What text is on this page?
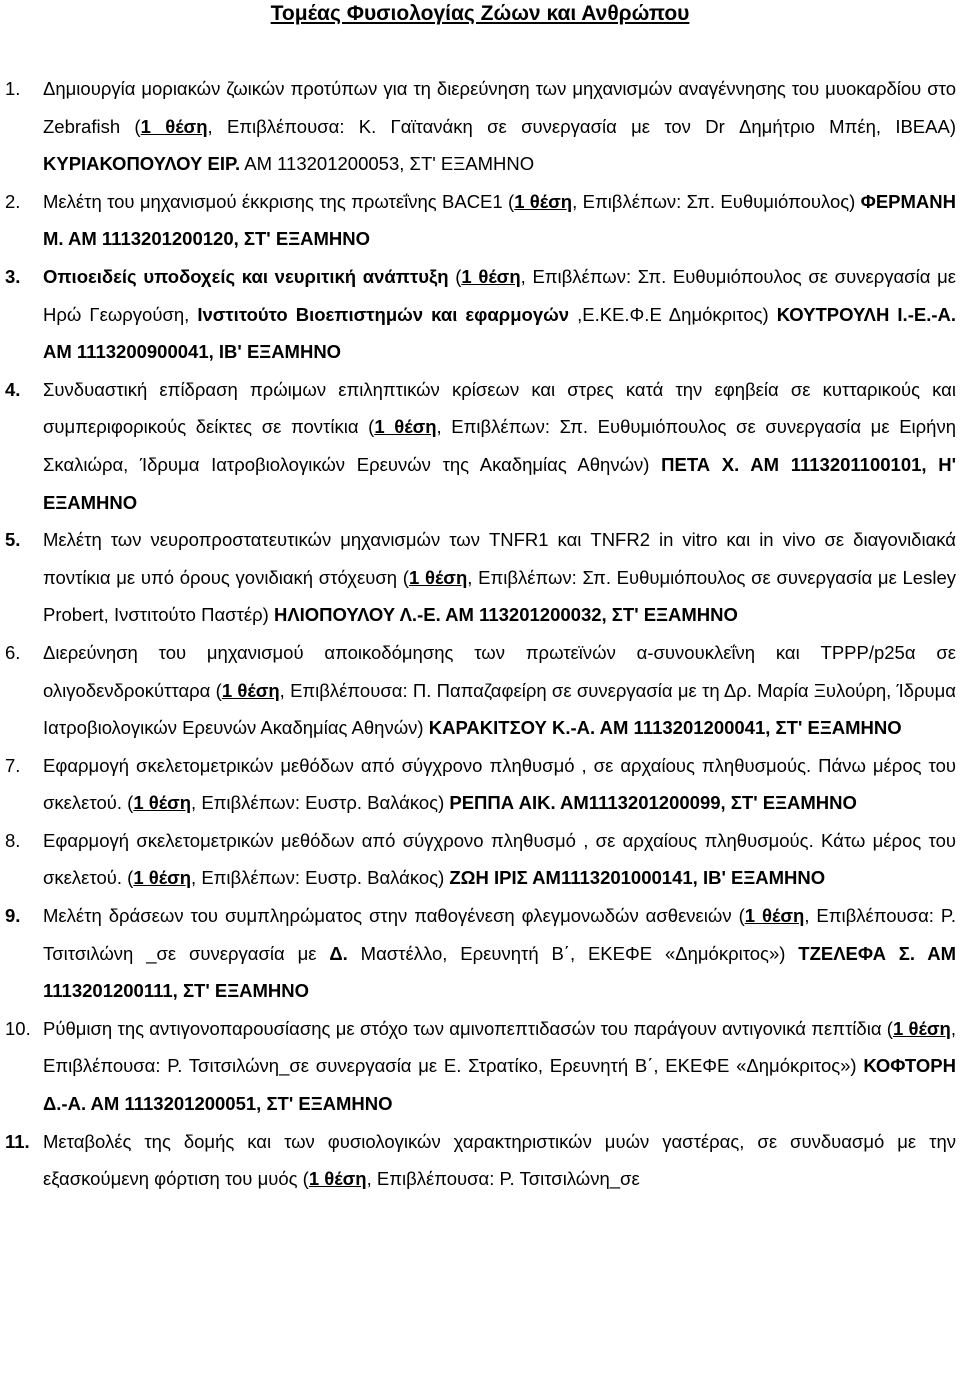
Τομέας Φυσιολογίας Ζώων και Ανθρώπου
1.	Δημιουργία μοριακών ζωικών προτύπων για τη διερεύνηση των μηχανισμών αναγέννησης του μυοκαρδίου στο Zebrafish (1 θέση, Επιβλέπουσα: Κ. Γαϊτανάκη σε συνεργασία με τον Dr Δημήτριο Μπέη, ΙΒΕΑΑ) ΚΥΡΙΑΚΟΠΟΥΛΟΥ ΕΙΡ. ΑΜ 113201200053, ΣΤ' ΕΞΑΜΗΝΟ
2.	Μελέτη του μηχανισμού έκκρισης της πρωτεΐνης BACE1 (1 θέση, Επιβλέπων: Σπ. Ευθυμιόπουλος) ΦΕΡΜΑΝΗ Μ. ΑΜ 111320120012​0, ΣΤ' ΕΞΑΜΗΝΟ
3.	Οπιοειδείς υποδοχείς και νευριτική ανάπτυξη (1 θέση, Επιβλέπων: Σπ. Ευθυμιόπουλος σε συνεργασία με Ηρώ Γεωργούση, Ινστιτούτο Βιοεπιστημών και εφαρμογών ,Ε.ΚΕ.Φ.Ε Δημόκριτος) ΚΟΥΤΡΟΥΛΗ Ι.-Ε.-Α. ΑΜ 1113200900041, ΙΒ' ΕΞΑΜΗΝΟ
4.	Συνδυαστική επίδραση πρώιμων επιληπτικών κρίσεων και στρες κατά την εφηβεία σε κυτταρικούς και συμπεριφορικούς δείκτες σε ποντίκια (1 θέση, Επιβλέπων: Σπ. Ευθυμιόπουλος σε συνεργασία με Ειρήνη Σκαλιώρα, Ίδρυμα Ιατροβιολογικών Ερευνών της Ακαδημίας Αθηνών) ΠΕΤΑ Χ. ΑΜ 1113201100101, Η' ΕΞΑΜΗΝΟ
5.	Μελέτη των νευροπροστατευτικών μηχανισμών των TNFR1 και TNFR2 in vitro και in vivo σε διαγονιδιακά ποντίκια με υπό όρους γονιδιακή στόχευση (1 θέση, Επιβλέπων: Σπ. Ευθυμιόπουλος σε συνεργασία με Lesley Probert, Ινστιτούτο Παστέρ) ΗΛΙΟΠΟΥΛΟΥ Λ.-Ε. ΑΜ 113201200032, ΣΤ' ΕΞΑΜΗΝΟ
6.	Διερεύνηση του μηχανισμού αποικοδόμησης των πρωτεϊνών α-συνουκλεΐνη και TPPP/p25α σε ολιγοδενδροκύτταρα (1 θέση, Επιβλέπουσα: Π. Παπαζαφείρη σε συνεργασία με τη Δρ. Μαρία Ξυλούρη, Ίδρυμα Ιατροβιολογικών Ερευνών Ακαδημίας Αθηνών) ΚΑΡΑΚΙΤΣΟΥ Κ.-Α. ΑΜ 1113201200041, ΣΤ' ΕΞΑΜΗΝΟ
7.	Εφαρμογή σκελετομετρικών μεθόδων από σύγχρονο πληθυσμό , σε αρχαίους πληθυσμούς. Πάνω μέρος του σκελετού. (1 θέση, Επιβλέπων: Ευστρ. Βαλάκος) ΡΕΠΠΑ ΑΙΚ. ΑΜ1113201200099, ΣΤ' ΕΞΑΜΗΝΟ
8.	Εφαρμογή σκελετομετρικών μεθόδων από σύγχρονο πληθυσμό , σε αρχαίους πληθυσμούς. Κάτω μέρος του σκελετού. (1 θέση, Επιβλέπων: Ευστρ. Βαλάκος) ΖΩΗ ΙΡΙΣ ΑΜ1113201000141, ΙΒ' ΕΞΑΜΗΝΟ
9.	Μελέτη δράσεων του συμπληρώματος στην παθογένεση φλεγμονωδών ασθενειών (1 θέση, Επιβλέπουσα: Ρ. Τσιτσιλώνη _σε συνεργασία με Δ. Μαστέλλο, Ερευνητή Β΄, ΕΚΕΦΕ «Δημόκριτος») ΤΖΕΛΕΦΑ Σ. ΑΜ 1113201200111, ΣΤ' ΕΞΑΜΗΝΟ
10. Ρύθμιση της αντιγονοπαρουσίασης με στόχο των αμινοπεπτιδασών του παράγουν αντιγονικά πεπτίδια (1 θέση, Επιβλέπουσα: Ρ. Τσιτσιλώνη_σε συνεργασία με Ε. Στρατίκο, Ερευνητή Β΄, ΕΚΕΦΕ «Δημόκριτος») ΚΟΦΤΟΡΗ Δ.-Α. ΑΜ 1113201200051, ΣΤ' ΕΞΑΜΗΝΟ
11. Μεταβολές της δομής και των φυσιολογικών χαρακτηριστικών μυών γαστέρας, σε συνδυασμό με την εξασκούμενη φόρτιση του μυός (1 θέση, Επιβλέπουσα: Ρ. Τσιτσιλώνη_σε
